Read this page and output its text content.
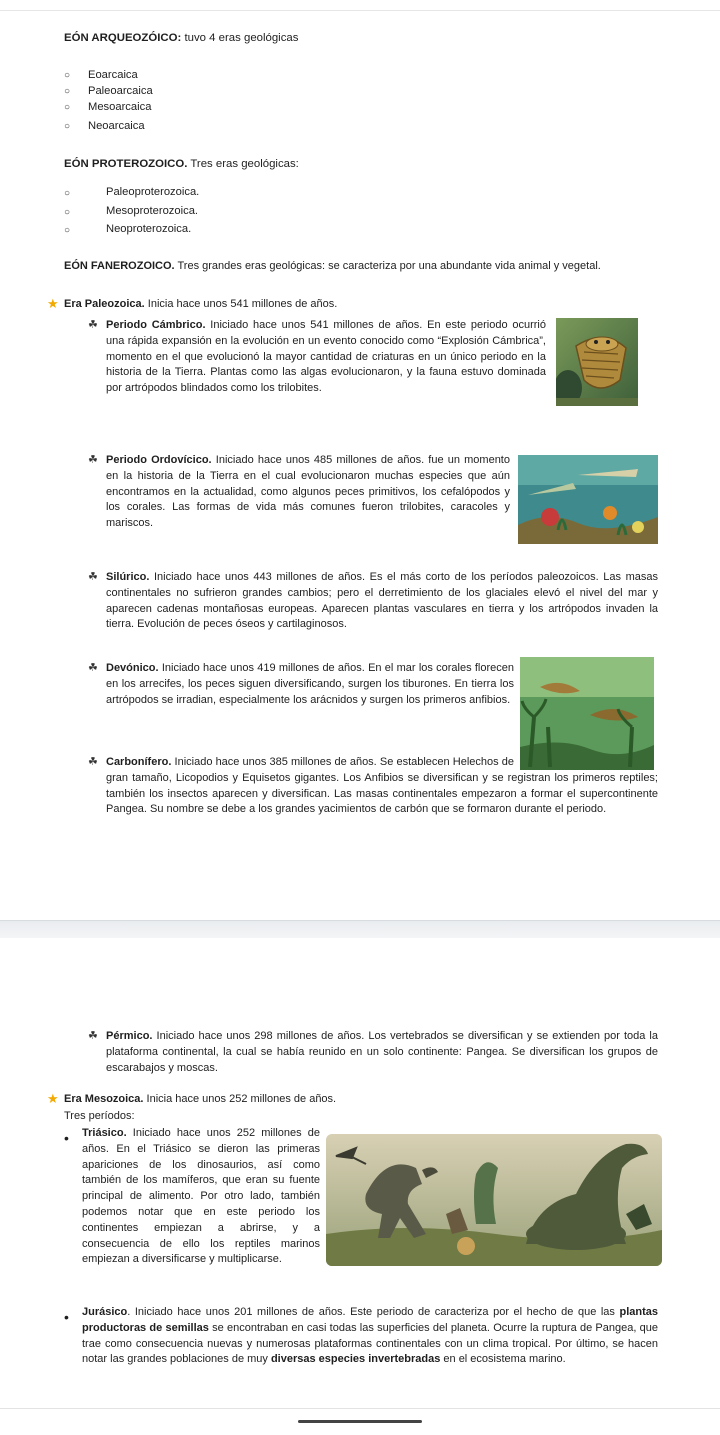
EÓN ARQUEOZÓICO: tuvo 4 eras geológicas
○ Eoarcaica
○ Paleoarcaica
○ Mesoarcaica
○ Neoarcaica
EÓN PROTEROZOICO. Tres eras geológicas:
○	Paleoproterozoica.
○	Mesoproterozoica.
○	Neoproterozoica.
EÓN FANEROZOICO. Tres grandes eras geológicas: se caracteriza por una abundante vida animal y vegetal.
★ Era Paleozoica. Inicia hace unos 541 millones de años.
☘ Periodo Cámbrico. Iniciado hace unos 541 millones de años. En este periodo ocurrió una rápida expansión en la evolución en un evento conocido como “Explosión Cámbrica”, momento en el que evolucionó la mayor cantidad de criaturas en un único periodo en la historia de la Tierra. Plantas como las algas evolucionaron, y la fauna estuvo dominada por artrópodos blindados como los trilobites.
☘ Periodo Ordovícico. Iniciado hace unos 485 millones de años. fue un momento en la historia de la Tierra en el cual evolucionaron muchas especies que aún encontramos en la actualidad, como algunos peces primitivos, los cefalópodos y los corales. Las formas de vida más comunes fueron trilobites, caracoles y mariscos.
☘ Silúrico. Iniciado hace unos 443 millones de años. Es el más corto de los períodos paleozoicos. Las masas continentales no sufrieron grandes cambios; pero el derretimiento de los glaciales elevó el nivel del mar y aparecen cadenas montañosas europeas. Aparecen plantas vasculares en tierra y los artrópodos invaden la tierra. Evolución de peces óseos y cartilaginosos.
☘ Devónico. Iniciado hace unos 419 millones de años. En el mar los corales florecen en los arrecifes, los peces siguen diversificando, surgen los tiburones. En tierra los artrópodos se irradian, especialmente los arácnidos y surgen los primeros anfibios.
☘ Carbonífero. Iniciado hace unos 385 millones de años. Se establecen Helechos de gran tamaño, Licopodios y Equisetos gigantes. Los Anfibios se diversifican y se registran los primeros reptiles; también los insectos aparecen y diversifican. Las masas continentales empezaron a formar el supercontinente Pangea. Su nombre se debe a los grandes yacimientos de carbón que se formaron durante el periodo.
☘ Pérmico. Iniciado hace unos 298 millones de años. Los vertebrados se diversifican y se extienden por toda la plataforma continental, la cual se había reunido en un solo continente: Pangea. Se diversifican los grupos de escarabajos y moscas.
★ Era Mesozoica. Inicia hace unos 252 millones de años.
Tres períodos:
• Triásico. Iniciado hace unos 252 millones de años. En el Triásico se dieron las primeras apariciones de los dinosaurios, así como también de los mamíferos, que eran su fuente principal de alimento. Por otro lado, también podemos notar que en este periodo los continentes empiezan a abrirse, y a consecuencia de ello los reptiles marinos empiezan a diversificarse y multiplicarse.
• Jurásico. Iniciado hace unos 201 millones de años. Este periodo de caracteriza por el hecho de que las plantas productoras de semillas se encontraban en casi todas las superficies del planeta. Ocurre la ruptura de Pangea, que trae como consecuencia nuevas y numerosas plataformas continentales con un clima tropical. Por último, se hacen notar las grandes poblaciones de muy diversas especies invertebradas en el ecosistema marino.
